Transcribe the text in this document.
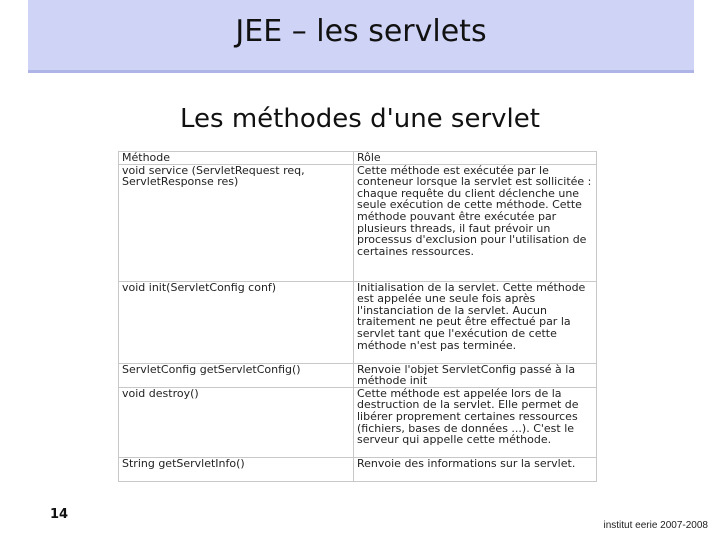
JEE – les servlets
Les méthodes d'une servlet
Méthode	Rôle
void service (ServletRequest req, ServletResponse res)	Cette méthode est exécutée par le conteneur lorsque la servlet est sollicitée : chaque requête du client déclenche une seule exécution de cette méthode. Cette méthode pouvant être exécutée par plusieurs threads, il faut prévoir un processus d'exclusion pour l'utilisation de certaines ressources.
void init(ServletConfig conf)	Initialisation de la servlet. Cette méthode est appelée une seule fois après l'instanciation de la servlet. Aucun traitement ne peut être effectué par la servlet tant que l'exécution de cette méthode n'est pas terminée.
ServletConfig getServletConfig()	Renvoie l'objet ServletConfig passé à la méthode init
void destroy()	Cette méthode est appelée lors de la destruction de la servlet. Elle permet de libérer proprement certaines ressources (fichiers, bases de données ...). C'est le serveur qui appelle cette méthode.
String getServletInfo()	Renvoie des informations sur la servlet.
14
institut eerie 2007-2008
